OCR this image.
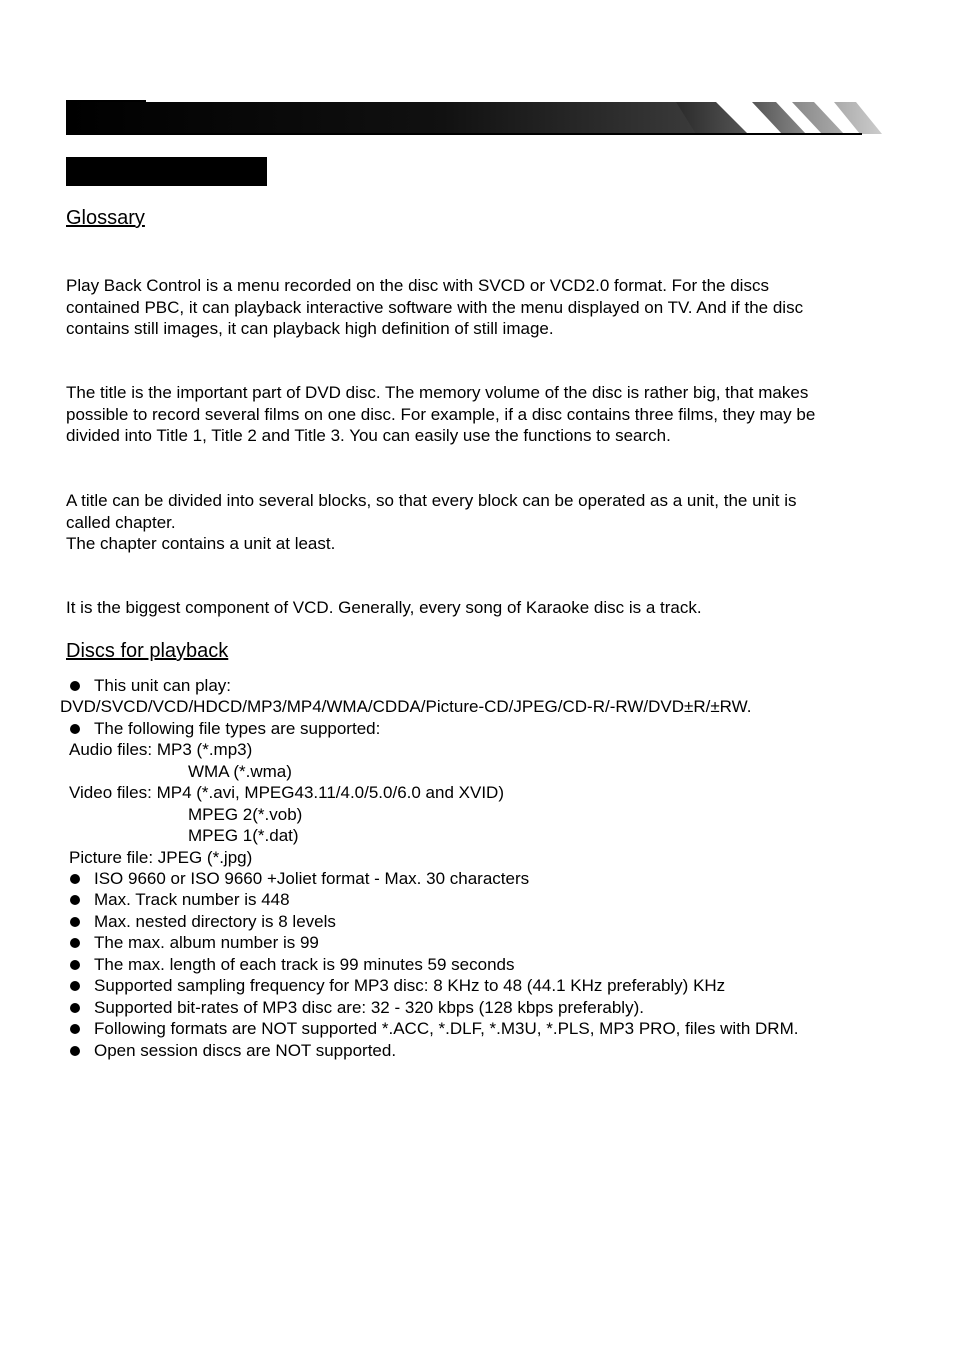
Glossary

Play Back Control is a menu recorded on the disc with SVCD or VCD2.0 format. For the discs
contained PBC, it can playback interactive software with the menu displayed on TV. And if the disc
contains still images, it can playback high definition of still image.

The title is the important part of DVD disc. The memory volume of the disc is rather big, that makes
possible to record several films on one disc. For example, if a disc contains three films, they may be
divided into Title 1, Title 2 and Title 3. You can easily use the functions to search.

A title can be divided into several blocks, so that every block can be operated as a unit, the unit is
called chapter.
The chapter contains a unit at least.

It is the biggest component of VCD. Generally, every song of Karaoke disc is a track.

Discs for playback
This unit can play:
DVD/SVCD/VCD/HDCD/MP3/MP4/WMA/CDDA/Picture-CD/JPEG/CD-R/-RW/DVD±R/±RW.
The following file types are supported:
Audio files: MP3 (*.mp3)
WMA (*.wma)
Video files: MP4 (*.avi, MPEG43.11/4.0/5.0/6.0 and XVID)
MPEG 2(*.vob)
MPEG 1(*.dat)
Picture file: JPEG (*.jpg)
ISO 9660 or ISO 9660 +Joliet format - Max. 30 characters
Max. Track number is 448
Max. nested directory is 8 levels
The max. album number is 99
The max. length of each track is 99 minutes 59 seconds
Supported sampling frequency for MP3 disc: 8 KHz to 48 (44.1 KHz preferably) KHz
Supported bit-rates of MP3 disc are: 32 - 320 kbps (128 kbps preferably).
Following formats are NOT supported *.ACC, *.DLF, *.M3U, *.PLS, MP3 PRO, files with DRM.
Open session discs are NOT supported.
